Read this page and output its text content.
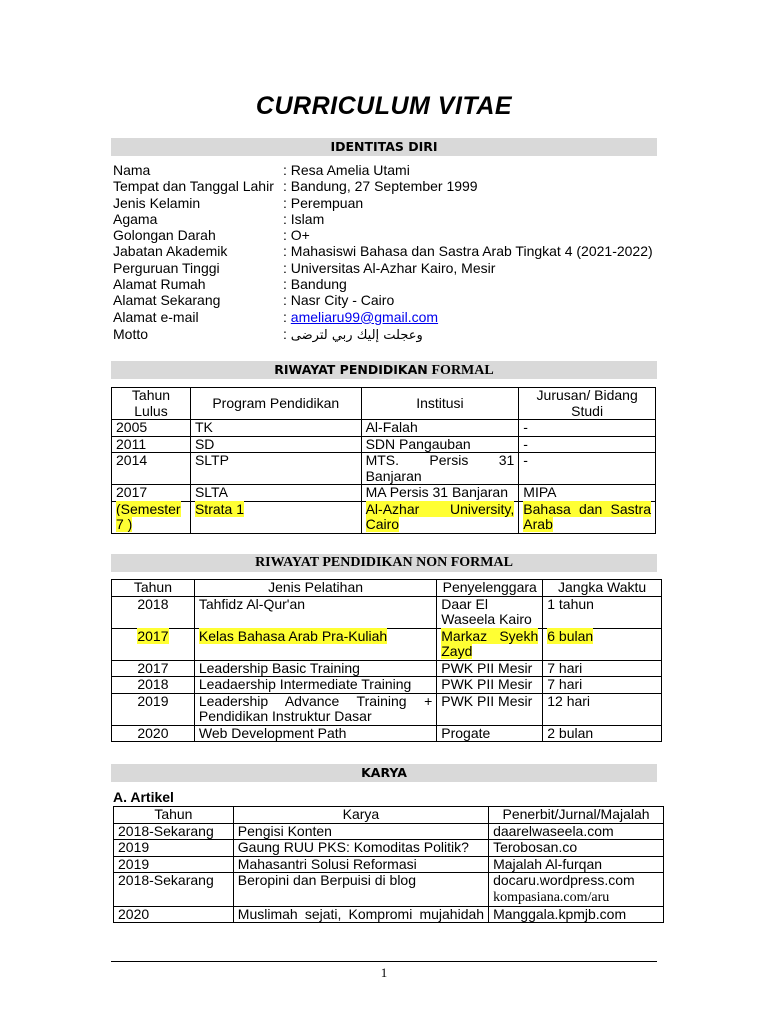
CURRICULUM VITAE
IDENTITAS DIRI
Nama	: Resa Amelia Utami
Tempat dan Tanggal Lahir : Bandung, 27 September 1999
Jenis Kelamin	: Perempuan
Agama	: Islam
Golongan Darah	: O+
Jabatan Akademik	: Mahasiswi Bahasa dan Sastra Arab Tingkat 4 (2021-2022)
Perguruan Tinggi	: Universitas Al-Azhar Kairo, Mesir
Alamat Rumah	: Bandung
Alamat Sekarang	: Nasr City - Cairo
Alamat e-mail	: ameliaru99@gmail.com
Motto	: وعجلت إليك ربي لترضى
RIWAYAT PENDIDIKAN FORMAL
Tahun Lulus	Program Pendidikan	Institusi	Jurusan/ Bidang Studi
2005	TK	Al-Falah	-
2011	SD	SDN Pangauban	-
2014	SLTP	MTS. Persis 31 Banjaran	-
2017	SLTA	MA Persis 31 Banjaran	MIPA
(Semester 7 )	Strata 1	Al-Azhar University, Cairo	Bahasa dan Sastra Arab
RIWAYAT PENDIDIKAN NON FORMAL
Tahun	Jenis Pelatihan	Penyelenggara	Jangka Waktu
2018	Tahfidz Al-Qur'an	Daar El Waseela Kairo	1 tahun
2017	Kelas Bahasa Arab Pra-Kuliah	Markaz Syekh Zayd	6 bulan
2017	Leadership Basic Training	PWK PII Mesir	7 hari
2018	Leadaership Intermediate Training	PWK PII Mesir	7 hari
2019	Leadership Advance Training + Pendidikan Instruktur Dasar	PWK PII Mesir	12 hari
2020	Web Development Path	Progate	2 bulan
KARYA
A. Artikel
Tahun	Karya	Penerbit/Jurnal/Majalah
2018-Sekarang	Pengisi Konten	daarelwaseela.com
2019	Gaung RUU PKS: Komoditas Politik?	Terobosan.co
2019	Mahasantri Solusi Reformasi	Majalah Al-furqan
2018-Sekarang	Beropini dan Berpuisi di blog	docaru.wordpress.com
kompasiana.com/aru

2020	Muslimah sejati, Kompromi mujahidah	Manggala.kpmjb.com
1
